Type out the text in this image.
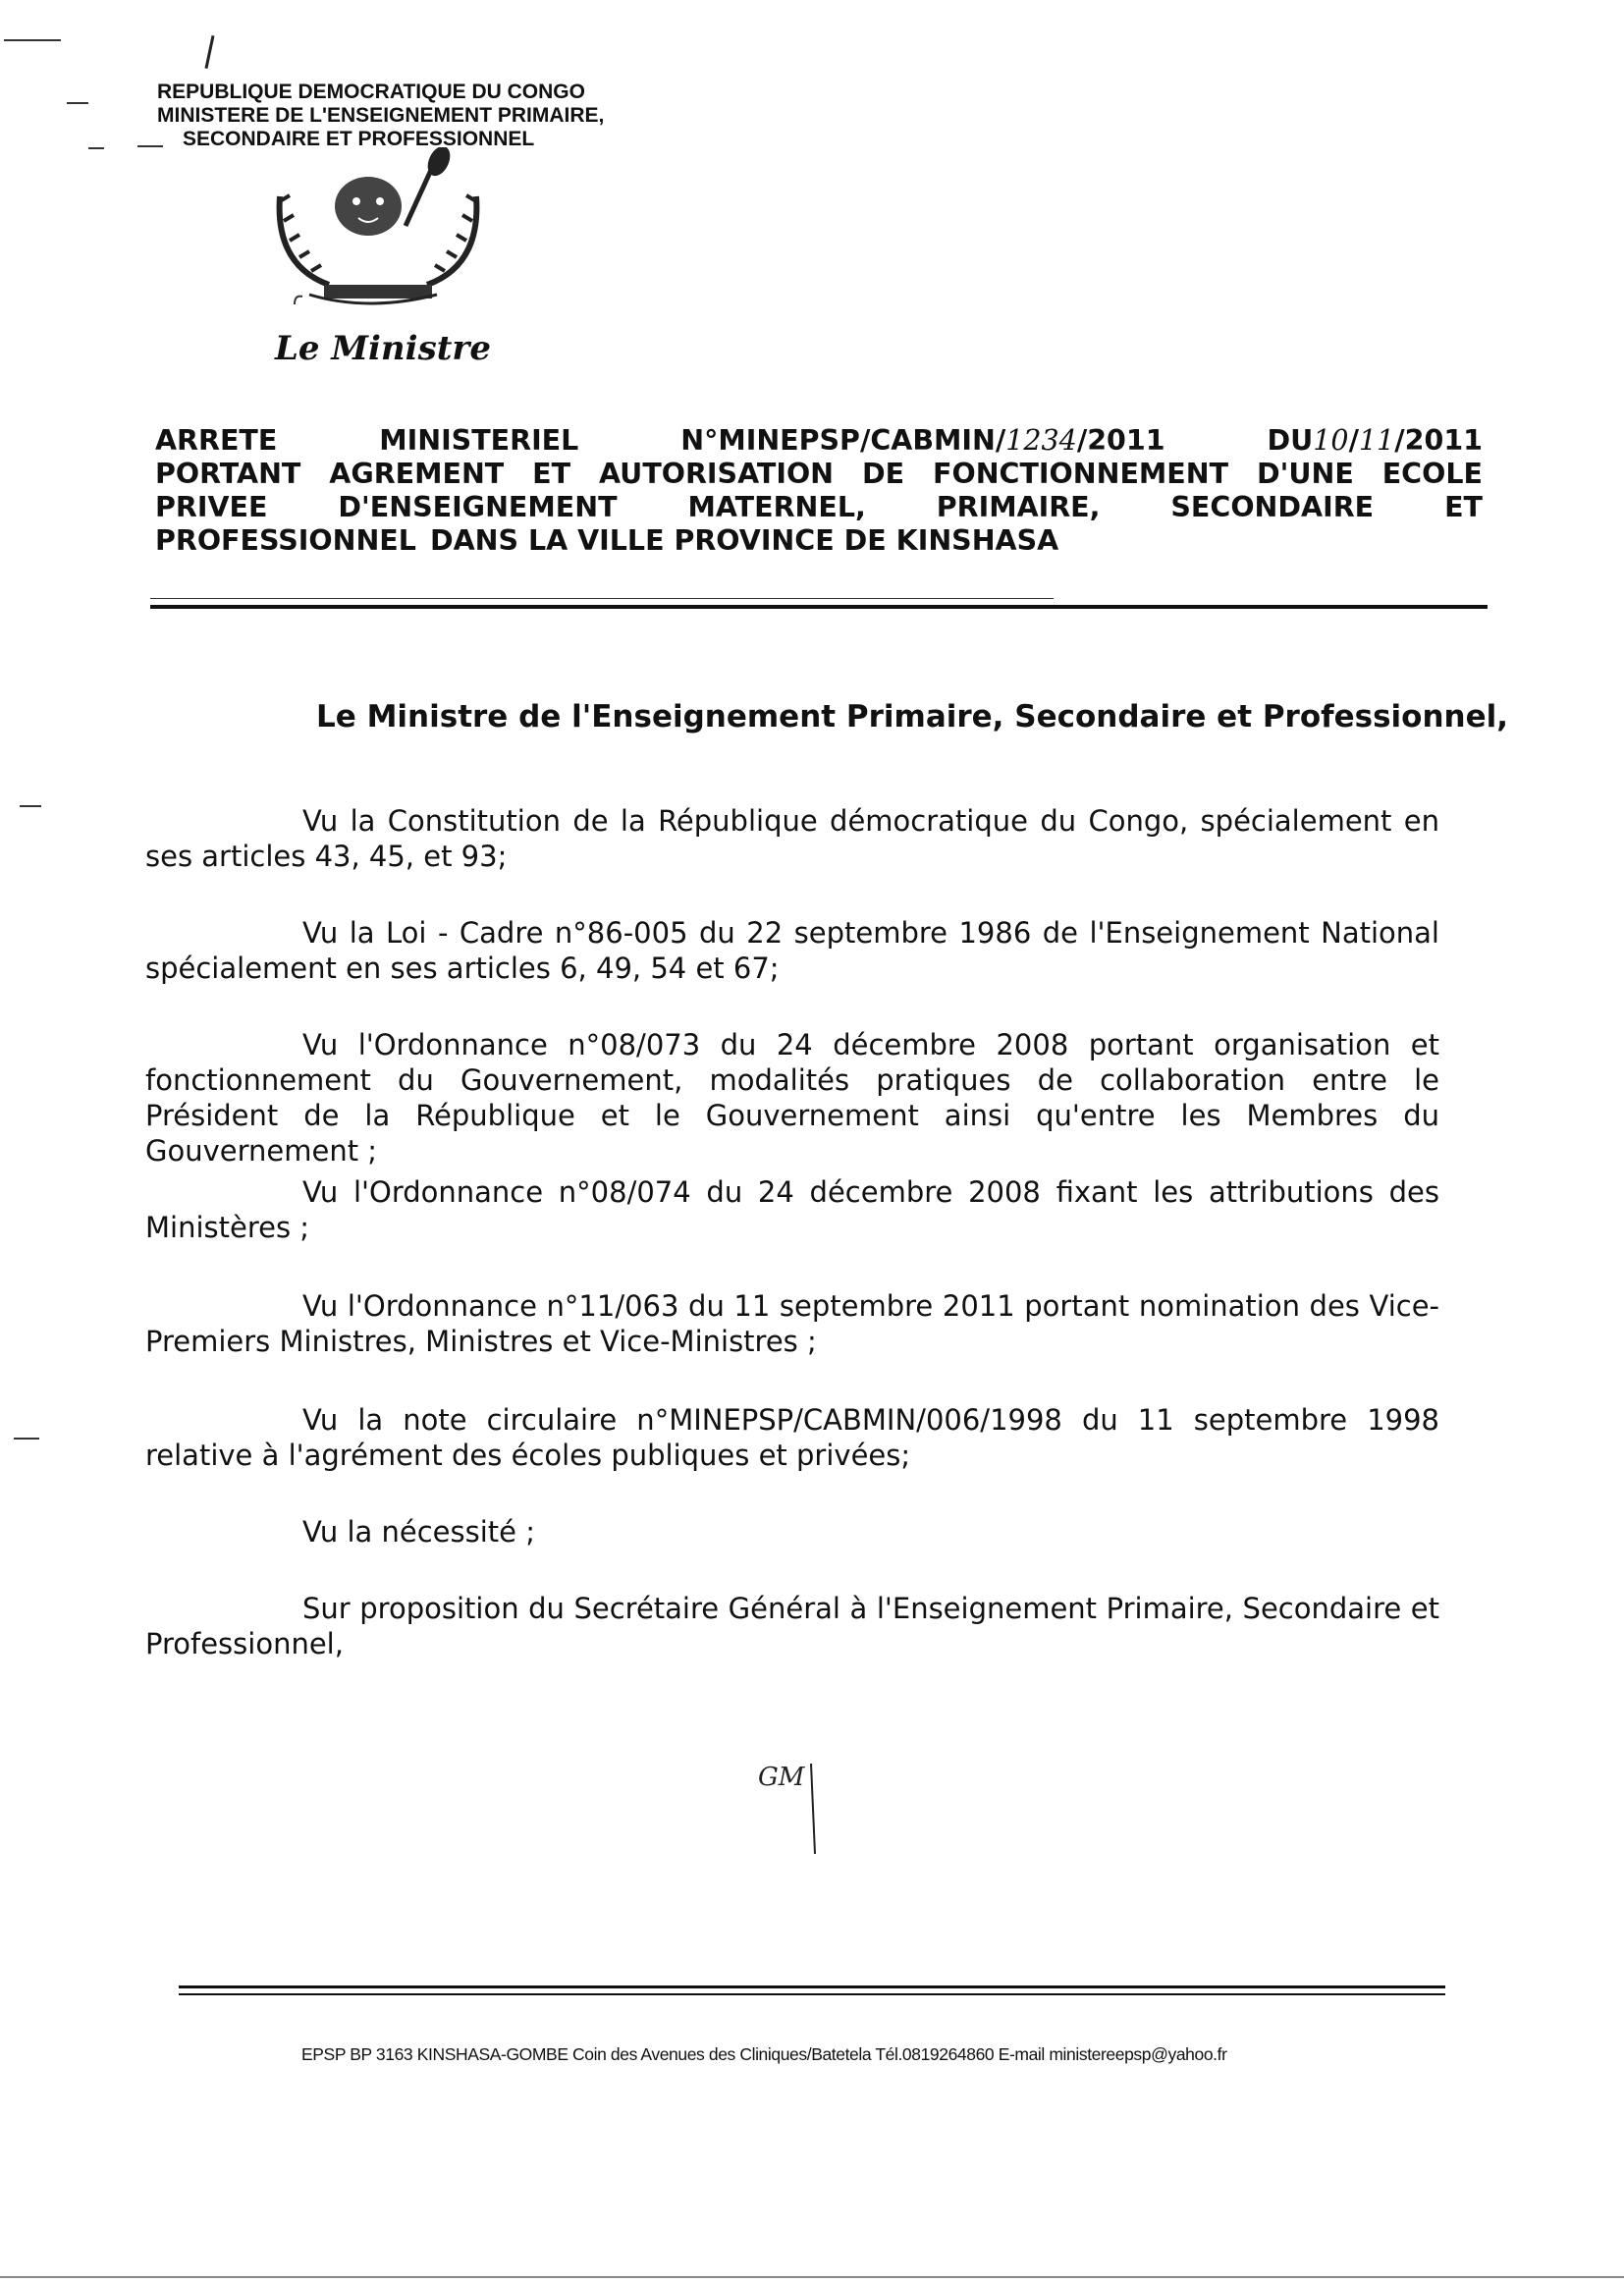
REPUBLIQUE DEMOCRATIQUE DU CONGO
MINISTERE DE L'ENSEIGNEMENT PRIMAIRE,
SECONDAIRE ET PROFESSIONNEL
Le Ministre
ARRETE	MINISTERIEL	N°MINEPSP/CABMIN/1234/2011	DU10/11/2011
PORTANT AGREMENT ET AUTORISATION DE FONCTIONNEMENT D'UNE ECOLE
PRIVEE	D'ENSEIGNEMENT	MATERNEL,	PRIMAIRE,	SECONDAIRE	ET
PROFESSIONNEL DANS LA VILLE PROVINCE DE KINSHASA
Le Ministre de l'Enseignement Primaire, Secondaire et Professionnel,
Vu la Constitution de la République démocratique du Congo, spécialement en ses articles 43, 45, et 93;
Vu la Loi - Cadre n°86-005 du 22 septembre 1986 de l'Enseignement National spécialement en ses articles 6, 49, 54 et 67;
Vu l'Ordonnance n°08/073 du 24 décembre 2008 portant organisation et fonctionnement du Gouvernement, modalités pratiques de collaboration entre le Président de la République et le Gouvernement ainsi qu'entre les Membres du Gouvernement ;
Vu l'Ordonnance n°08/074 du 24 décembre 2008 fixant les attributions des Ministères ;
Vu l'Ordonnance n°11/063 du 11 septembre 2011 portant nomination des Vice-Premiers Ministres, Ministres et Vice-Ministres ;
Vu la note circulaire n°MINEPSP/CABMIN/006/1998 du 11 septembre 1998 relative à l'agrément des écoles publiques et privées;
Vu la nécessité ;
Sur proposition du Secrétaire Général à l'Enseignement Primaire, Secondaire et Professionnel,
GM
EPSP BP 3163 KINSHASA-GOMBE Coin des Avenues des Cliniques/Batetela Tél.0819264860 E-mail ministereepsp@yahoo.fr
